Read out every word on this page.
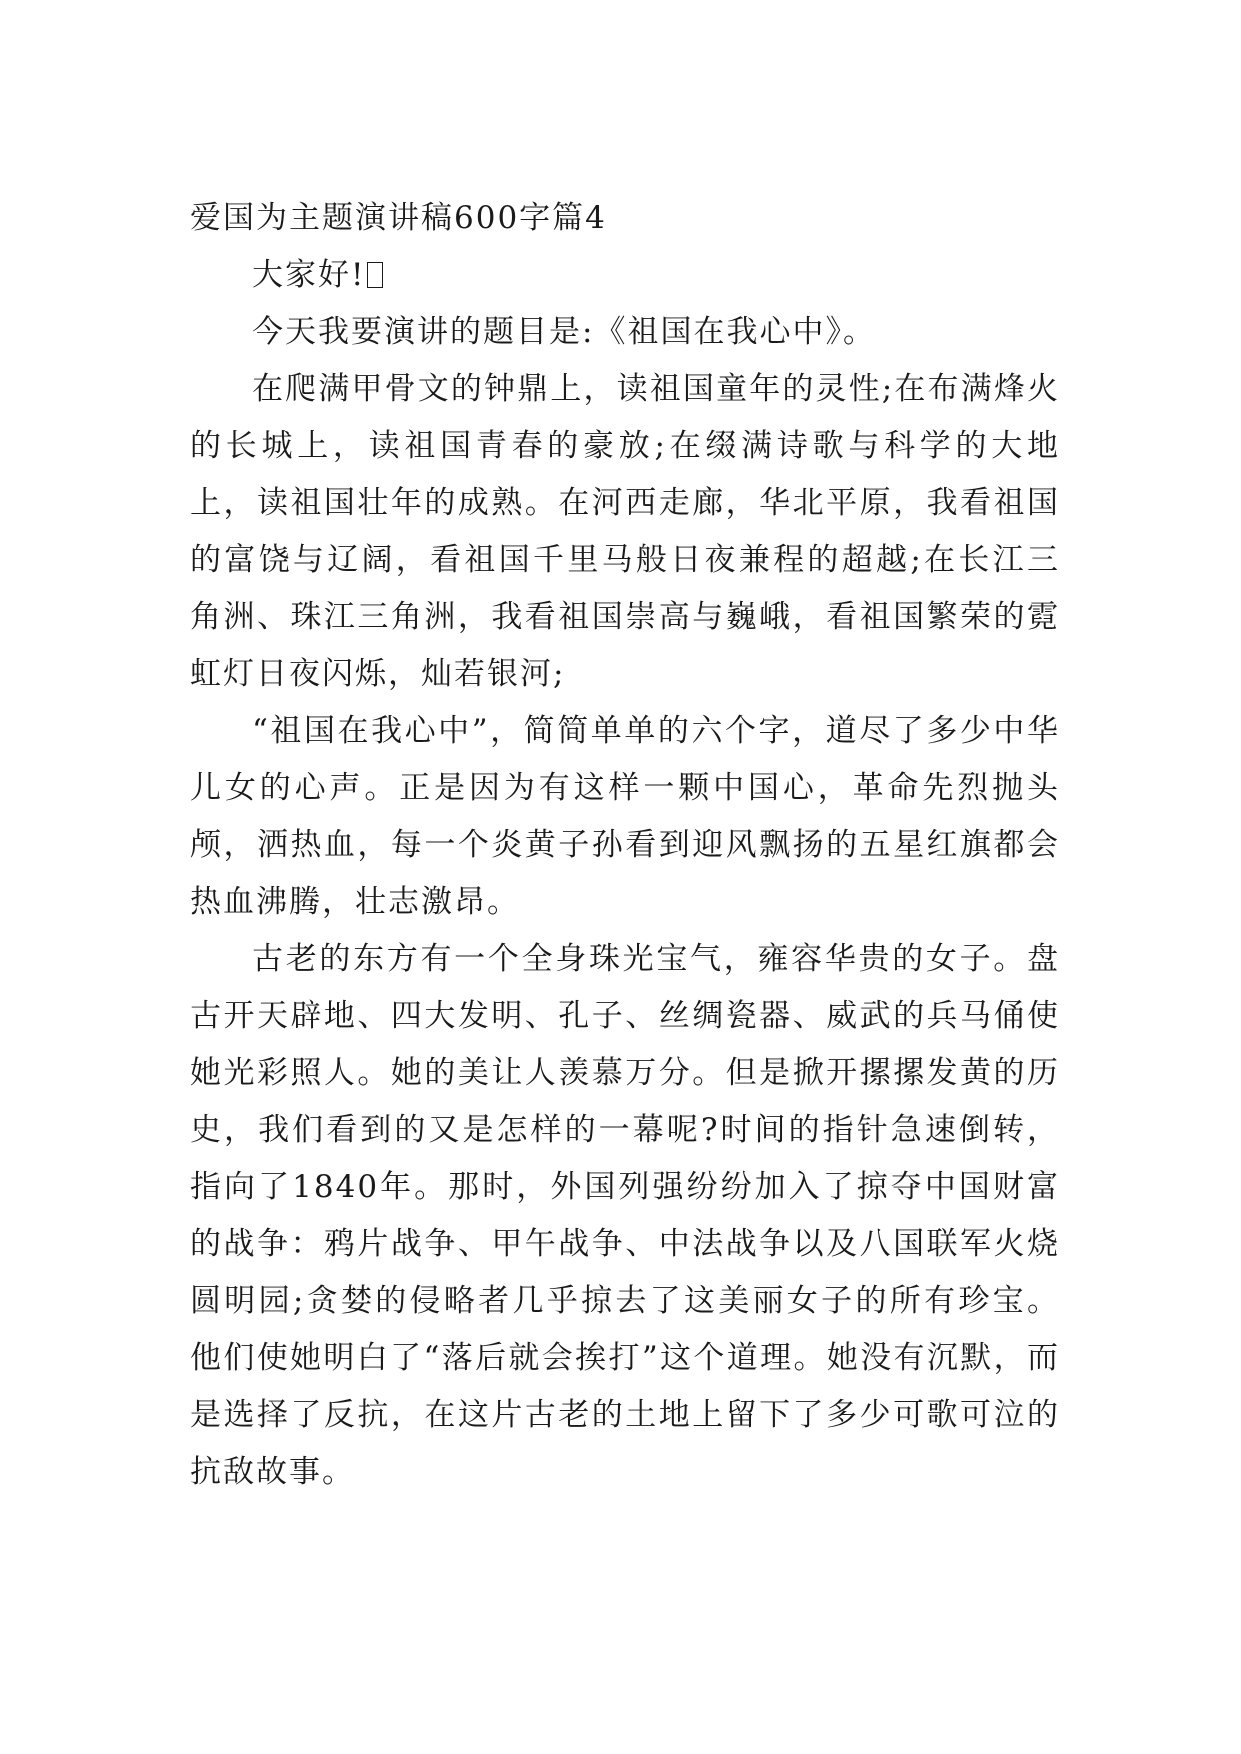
爱国为主题演讲稿600字篇4

大家好!

今天我要演讲的题目是:《祖国在我心中》。

在爬满甲骨文的钟鼎上，读祖国童年的灵性;在布满烽火的长城上，读祖国青春的豪放;在缀满诗歌与科学的大地上，读祖国壮年的成熟。在河西走廊，华北平原，我看祖国的富饶与辽阔，看祖国千里马般日夜兼程的超越;在长江三角洲、珠江三角洲，我看祖国崇高与巍峨，看祖国繁荣的霓虹灯日夜闪烁，灿若银河;

“祖国在我心中”，简简单单的六个字，道尽了多少中华儿女的心声。正是因为有这样一颗中国心，革命先烈抛头颅，洒热血，每一个炎黄子孙看到迎风飘扬的五星红旗都会热血沸腾，壮志激昂。

古老的东方有一个全身珠光宝气，雍容华贵的女子。盘古开天辟地、四大发明、孔子、丝绸瓷器、威武的兵马俑使她光彩照人。她的美让人羡慕万分。但是掀开摞摞发黄的历史，我们看到的又是怎样的一幕呢?时间的指针急速倒转，指向了1840年。那时，外国列强纷纷加入了掠夺中国财富的战争：鸦片战争、甲午战争、中法战争以及八国联军火烧圆明园;贪婪的侵略者几乎掠去了这美丽女子的所有珍宝。他们使她明白了“落后就会挨打”这个道理。她没有沉默，而是选择了反抗，在这片古老的土地上留下了多少可歌可泣的抗敌故事。
